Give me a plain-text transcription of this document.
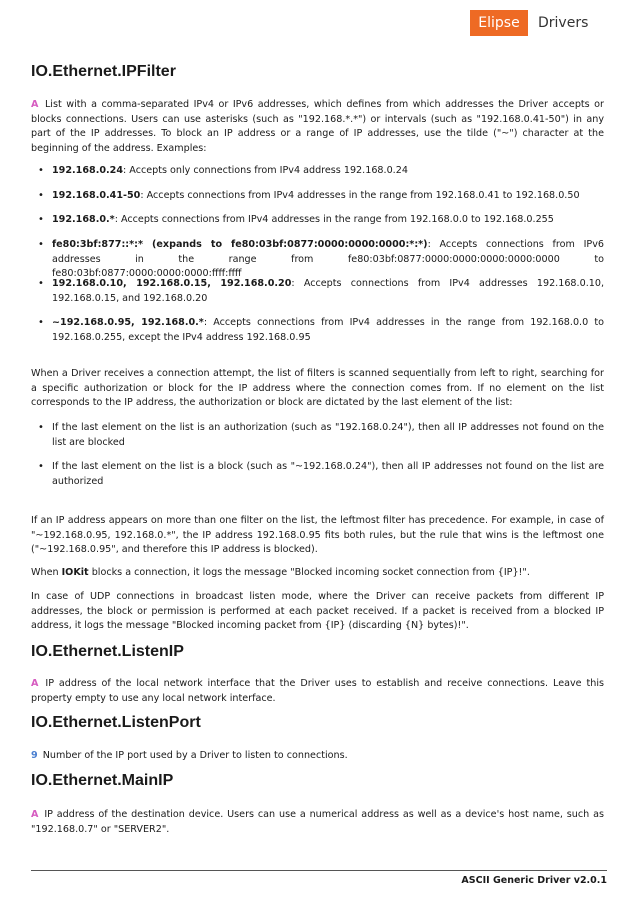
Elipse	Drivers
IO.Ethernet.IPFilter

A List with a comma-separated IPv4 or IPv6 addresses, which defines from which addresses the Driver accepts or blocks connections. Users can use asterisks (such as "192.168.*.*") or intervals (such as "192.168.0.41-50") in any part of the IP addresses. To block an IP address or a range of IP addresses, use the tilde ("~") character at the beginning of the address. Examples:

• 192.168.0.24: Accepts only connections from IPv4 address 192.168.0.24
• 192.168.0.41-50: Accepts connections from IPv4 addresses in the range from 192.168.0.41 to 192.168.0.50
• 192.168.0.*: Accepts connections from IPv4 addresses in the range from 192.168.0.0 to 192.168.0.255
• fe80:3bf:877::*:* (expands to fe80:03bf:0877:0000:0000:0000:*:*): Accepts connections from IPv6 addresses in the range from fe80:03bf:0877:0000:0000:0000:0000:0000 to fe80:03bf:0877:0000:0000:0000:ffff:ffff
• 192.168.0.10, 192.168.0.15, 192.168.0.20: Accepts connections from IPv4 addresses 192.168.0.10, 192.168.0.15, and 192.168.0.20
• ~192.168.0.95, 192.168.0.*: Accepts connections from IPv4 addresses in the range from 192.168.0.0 to 192.168.0.255, except the IPv4 address 192.168.0.95

When a Driver receives a connection attempt, the list of filters is scanned sequentially from left to right, searching for a specific authorization or block for the IP address where the connection comes from. If no element on the list corresponds to the IP address, the authorization or block are dictated by the last element of the list:

• If the last element on the list is an authorization (such as "192.168.0.24"), then all IP addresses not found on the list are blocked
• If the last element on the list is a block (such as "~192.168.0.24"), then all IP addresses not found on the list are authorized

If an IP address appears on more than one filter on the list, the leftmost filter has precedence. For example, in case of "~192.168.0.95, 192.168.0.*", the IP address 192.168.0.95 fits both rules, but the rule that wins is the leftmost one ("~192.168.0.95", and therefore this IP address is blocked).

When IOKit blocks a connection, it logs the message "Blocked incoming socket connection from {IP}!".

In case of UDP connections in broadcast listen mode, where the Driver can receive packets from different IP addresses, the block or permission is performed at each packet received. If a packet is received from a blocked IP address, it logs the message "Blocked incoming packet from {IP} (discarding {N} bytes)!".

IO.Ethernet.ListenIP

A IP address of the local network interface that the Driver uses to establish and receive connections. Leave this property empty to use any local network interface.

IO.Ethernet.ListenPort

9 Number of the IP port used by a Driver to listen to connections.

IO.Ethernet.MainIP

A IP address of the destination device. Users can use a numerical address as well as a device's host name, such as "192.168.0.7" or "SERVER2".

ASCII Generic Driver v2.0.1
